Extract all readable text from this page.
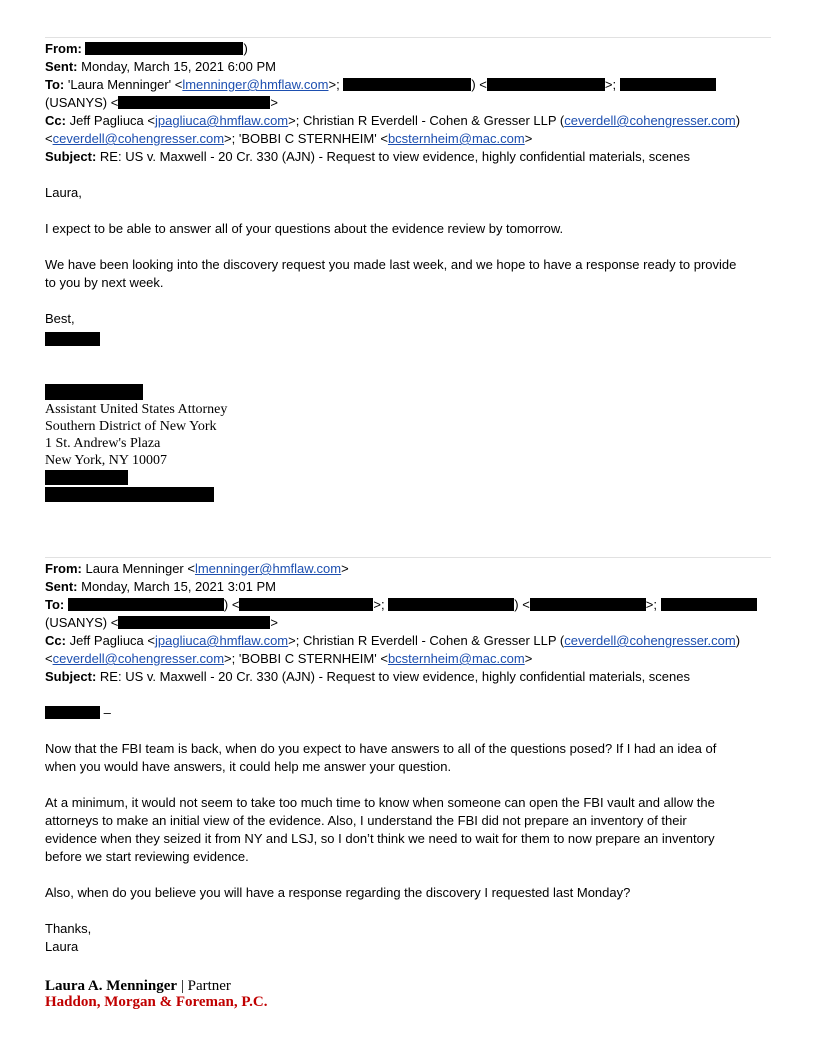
From:	)
Sent: Monday, March 15, 2021 6:00 PM
To: 'Laura Menninger' <lmenninger@hmflaw.com>;	) <	>;
(USANYS) <	>
Cc: Jeff Pagliuca <jpagliuca@hmflaw.com>; Christian R Everdell - Cohen & Gresser LLP (ceverdell@cohengresser.com)
<ceverdell@cohengresser.com>; 'BOBBI C STERNHEIM' <bcsternheim@mac.com>
Subject: RE: US v. Maxwell - 20 Cr. 330 (AJN) - Request to view evidence, highly confidential materials, scenes
Laura,
I expect to be able to answer all of your questions about the evidence review by tomorrow.
We have been looking into the discovery request you made last week, and we hope to have a response ready to provide
to you by next week.
Best,
Assistant United States Attorney
Southern District of New York
1 St. Andrew's Plaza
New York, NY 10007
From: Laura Menninger <lmenninger@hmflaw.com>
Sent: Monday, March 15, 2021 3:01 PM
To:	) <	>;	) <	>;
(USANYS) <	>
Cc: Jeff Pagliuca <jpagliuca@hmflaw.com>; Christian R Everdell - Cohen & Gresser LLP (ceverdell@cohengresser.com)
<ceverdell@cohengresser.com>; 'BOBBI C STERNHEIM' <bcsternheim@mac.com>
Subject: RE: US v. Maxwell - 20 Cr. 330 (AJN) - Request to view evidence, highly confidential materials, scenes
–
Now that the FBI team is back, when do you expect to have answers to all of the questions posed? If I had an idea of
when you would have answers, it could help me answer your question.
At a minimum, it would not seem to take too much time to know when someone can open the FBI vault and allow the
attorneys to make an initial view of the evidence. Also, I understand the FBI did not prepare an inventory of their
evidence when they seized it from NY and LSJ, so I don’t think we need to wait for them to now prepare an inventory
before we start reviewing evidence.
Also, when do you believe you will have a response regarding the discovery I requested last Monday?
Thanks,
Laura
Laura A. Menninger | Partner
Haddon, Morgan & Foreman, P.C.
